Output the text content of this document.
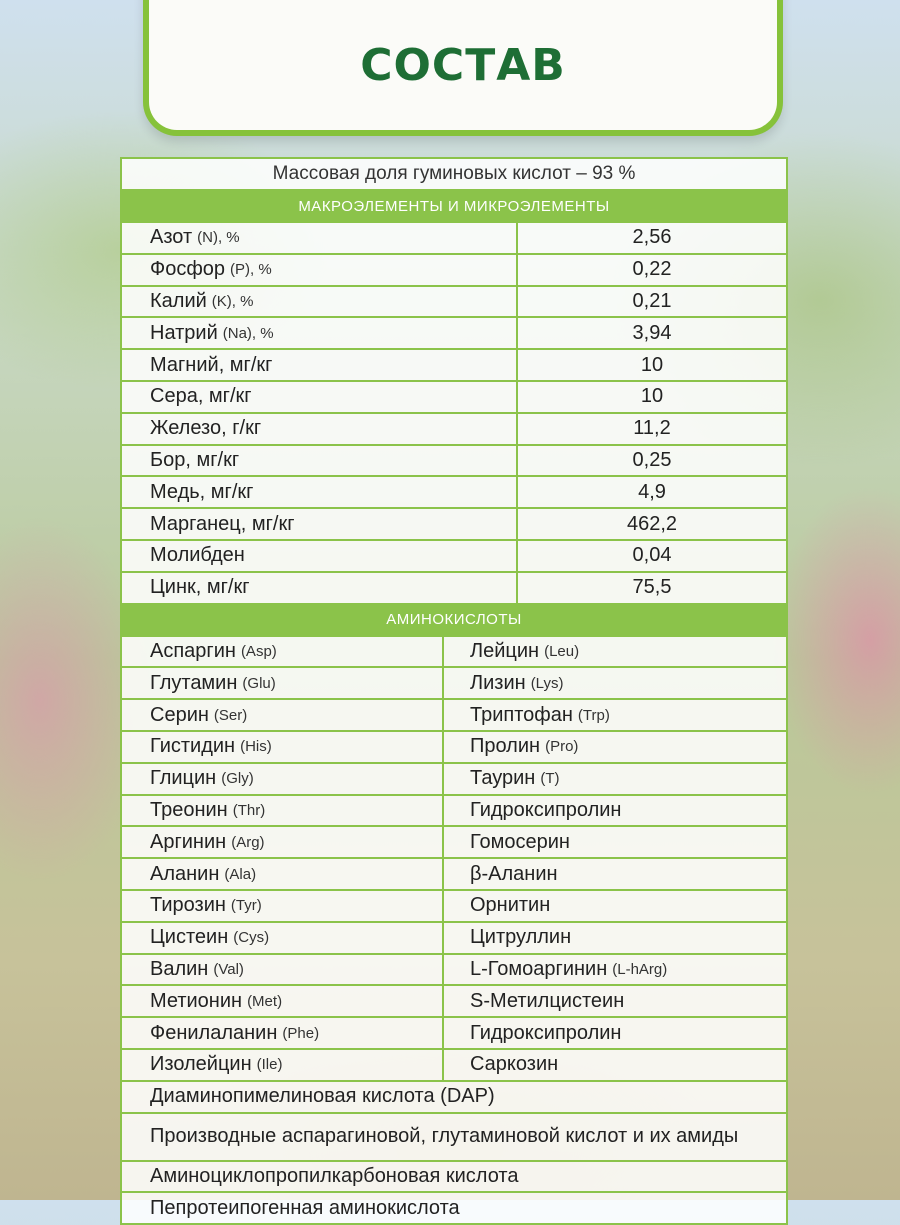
СОСТАВ
Массовая доля гуминовых кислот – 93 %
МАКРОЭЛЕМЕНТЫ И МИКРОЭЛЕМЕНТЫ
Азот (N), %	2,56
Фосфор (P), %	0,22
Калий (K), %	0,21
Натрий (Na), %	3,94
Магний, мг/кг	10
Сера, мг/кг	10
Железо, г/кг	11,2
Бор, мг/кг	0,25
Медь, мг/кг	4,9
Марганец, мг/кг	462,2
Молибден	0,04
Цинк, мг/кг	75,5
АМИНОКИСЛОТЫ
Аспаргин (Asp)	Лейцин (Leu)
Глутамин (Glu)	Лизин (Lys)
Серин (Ser)	Триптофан (Trp)
Гистидин (His)	Пролин (Pro)
Глицин (Gly)	Таурин (T)
Треонин (Thr)	Гидроксипролин
Аргинин (Arg)	Гомосерин
Аланин (Ala)	β-Аланин
Тирозин (Tyr)	Орнитин
Цистеин (Cys)	Цитруллин
Валин (Val)	L-Гомоаргинин (L-hArg)
Метионин (Met)	S-Метилцистеин
Фенилаланин (Phe)	Гидроксипролин
Изолейцин (Ile)	Саркозин
Диаминопимелиновая кислота (DAP)
Производные аспарагиновой, глутаминовой кислот и их амиды
Аминоциклопропилкарбоновая кислота
Пепротеипогенная аминокислота
